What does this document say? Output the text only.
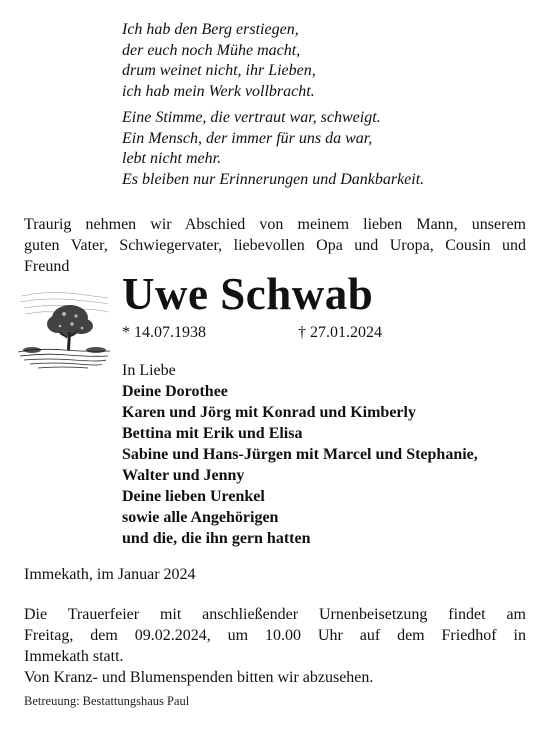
Ich hab den Berg erstiegen,
der euch noch Mühe macht,
drum weinet nicht, ihr Lieben,
ich hab mein Werk vollbracht.

Eine Stimme, die vertraut war, schweigt.
Ein Mensch, der immer für uns da war,
lebt nicht mehr.
Es bleiben nur Erinnerungen und Dankbarkeit.

Traurig nehmen wir Abschied von meinem lieben Mann, unserem
guten Vater, Schwiegervater, liebevollen Opa und Uropa, Cousin und
Freund
Uwe Schwab
* 14.07.1938	† 27.01.2024
In Liebe
Deine Dorothee
Karen und Jörg mit Konrad und Kimberly
Bettina mit Erik und Elisa
Sabine und Hans-Jürgen mit Marcel und Stephanie,
Walter und Jenny
Deine lieben Urenkel
sowie alle Angehörigen
und die, die ihn gern hatten
Immekath, im Januar 2024
Die Trauerfeier mit anschließender Urnenbeisetzung findet am
Freitag, dem 09.02.2024, um 10.00 Uhr auf dem Friedhof in
Immekath statt.
Von Kranz- und Blumenspenden bitten wir abzusehen.
Betreuung: Bestattungshaus Paul
